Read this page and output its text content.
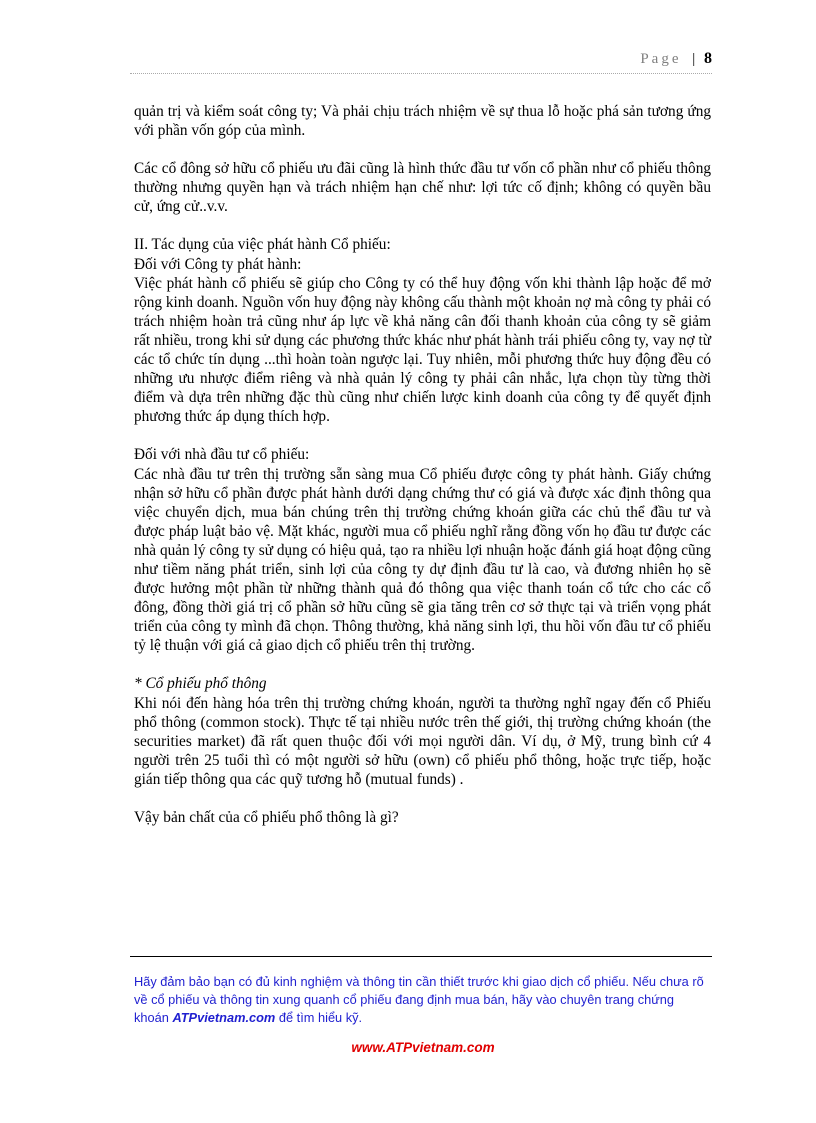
Page | 8

quản trị và kiểm soát công ty; Và phải chịu trách nhiệm về sự thua lỗ hoặc phá sản tương ứng với phần vốn góp của mình.

Các cổ đông sở hữu cổ phiếu ưu đãi cũng là hình thức đầu tư vốn cổ phần như cổ phiếu thông thường nhưng quyền hạn và trách nhiệm hạn chế như: lợi tức cố định; không có quyền bầu cử, ứng cử..v.v.

II. Tác dụng của việc phát hành Cổ phiếu:

Đối với Công ty phát hành:

Việc phát hành cổ phiếu sẽ giúp cho Công ty có thể huy động vốn khi thành lập hoặc để mở rộng kinh doanh. Nguồn vốn huy động này không cấu thành một khoản nợ mà công ty phải có trách nhiệm hoàn trả cũng như áp lực về khả năng cân đối thanh khoản của công ty sẽ giảm rất nhiều, trong khi sử dụng các phương thức khác như phát hành trái phiếu công ty, vay nợ từ các tổ chức tín dụng ...thì hoàn toàn ngược lại. Tuy nhiên, mỗi phương thức huy động đều có những ưu nhược điểm riêng và nhà quản lý công ty phải cân nhắc, lựa chọn tùy từng thời điểm và dựa trên những đặc thù cũng như chiến lược kinh doanh của công ty để quyết định phương thức áp dụng thích hợp.

Đối với nhà đầu tư cổ phiếu:

Các nhà đầu tư trên thị trường sẵn sàng mua Cổ phiếu được công ty phát hành. Giấy chứng nhận sở hữu cổ phần được phát hành dưới dạng chứng thư có giá và được xác định thông qua việc chuyển dịch, mua bán chúng trên thị trường chứng khoán giữa các chủ thể đầu tư và được pháp luật bảo vệ. Mặt khác, người mua cổ phiếu nghĩ rằng đồng vốn họ đầu tư được các nhà quản lý công ty sử dụng có hiệu quả, tạo ra nhiều lợi nhuận hoặc đánh giá hoạt động cũng như tiềm năng phát triển, sinh lợi của công ty dự định đầu tư là cao, và đương nhiên họ sẽ được hưởng một phần từ những thành quả đó thông qua việc thanh toán cổ tức cho các cổ đông, đồng thời giá trị cổ phần sở hữu cũng sẽ gia tăng trên cơ sở thực tại và triển vọng phát triển của công ty mình đã chọn. Thông thường, khả năng sinh lợi, thu hồi vốn đầu tư cổ phiếu tỷ lệ thuận với giá cả giao dịch cổ phiếu trên thị trường.

* Cổ phiếu phổ thông

Khi nói đến hàng hóa trên thị trường chứng khoán, người ta thường nghĩ ngay đến cổ Phiếu phổ thông (common stock). Thực tế tại nhiều nước trên thế giới, thị trường chứng khoán (the securities market) đã rất quen thuộc đối với mọi người dân. Ví dụ, ở Mỹ, trung bình cứ 4 người trên 25 tuổi thì có một người sở hữu (own) cổ phiếu phổ thông, hoặc trực tiếp, hoặc gián tiếp thông qua các quỹ tương hỗ (mutual funds) .

Vậy bản chất của cổ phiếu phổ thông là gì?

Hãy đảm bảo bạn có đủ kinh nghiệm và thông tin cần thiết trước khi giao dịch cổ phiếu. Nếu chưa rõ về cổ phiếu và thông tin xung quanh cổ phiếu đang định mua bán, hãy vào chuyên trang chứng khoán ATPvietnam.com để tìm hiểu kỹ.
www.ATPvietnam.com
